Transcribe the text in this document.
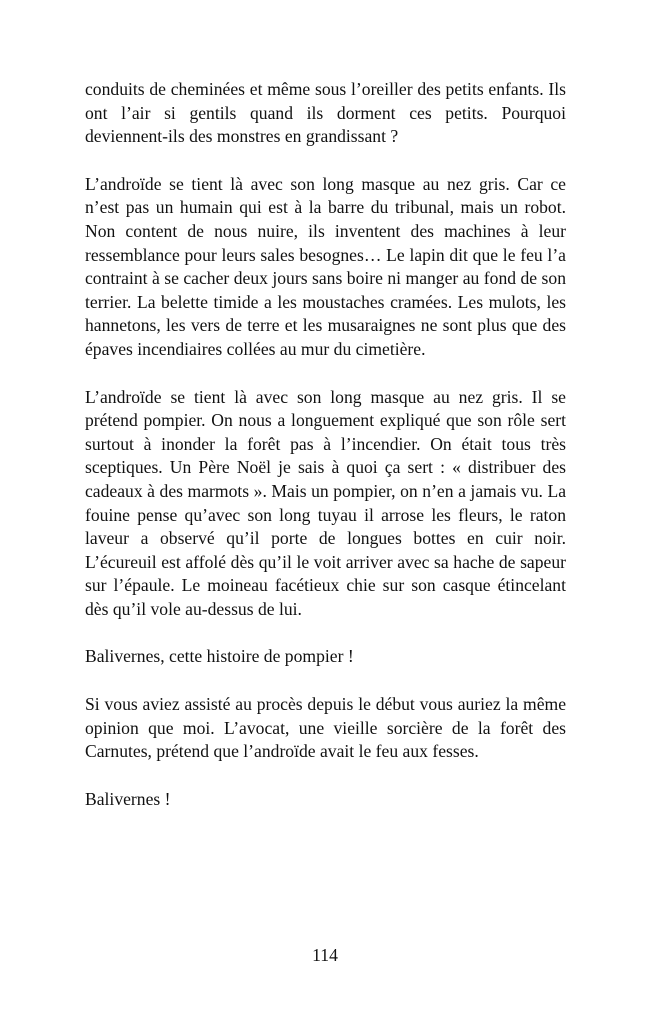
conduits de cheminées et même sous l’oreiller des petits enfants. Ils ont l’air si gentils quand ils dorment ces petits. Pourquoi deviennent-ils des monstres en grandissant ?

L’androïde se tient là avec son long masque au nez gris. Car ce n’est pas un humain qui est à la barre du tribunal, mais un robot. Non content de nous nuire, ils inventent des machines à leur ressemblance pour leurs sales besognes… Le lapin dit que le feu l’a contraint à se cacher deux jours sans boire ni manger au fond de son terrier. La belette timide a les moustaches cramées. Les mulots, les hannetons, les vers de terre et les musaraignes ne sont plus que des épaves incendiaires collées au mur du cimetière.

L’androïde se tient là avec son long masque au nez gris. Il se prétend pompier. On nous a longuement expliqué que son rôle sert surtout à inonder la forêt pas à l’incendier. On était tous très sceptiques. Un Père Noël je sais à quoi ça sert : « distribuer des cadeaux à des marmots ». Mais un pompier, on n’en a jamais vu. La fouine pense qu’avec son long tuyau il arrose les fleurs, le raton laveur a observé qu’il porte de longues bottes en cuir noir. L’écureuil est affolé dès qu’il le voit arriver avec sa hache de sapeur sur l’épaule. Le moineau facétieux chie sur son casque étincelant dès qu’il vole au-dessus de lui.

Balivernes, cette histoire de pompier !

Si vous aviez assisté au procès depuis le début vous auriez la même opinion que moi. L’avocat, une vieille sorcière de la forêt des Carnutes, prétend que l’androïde avait le feu aux fesses.

Balivernes !

114
